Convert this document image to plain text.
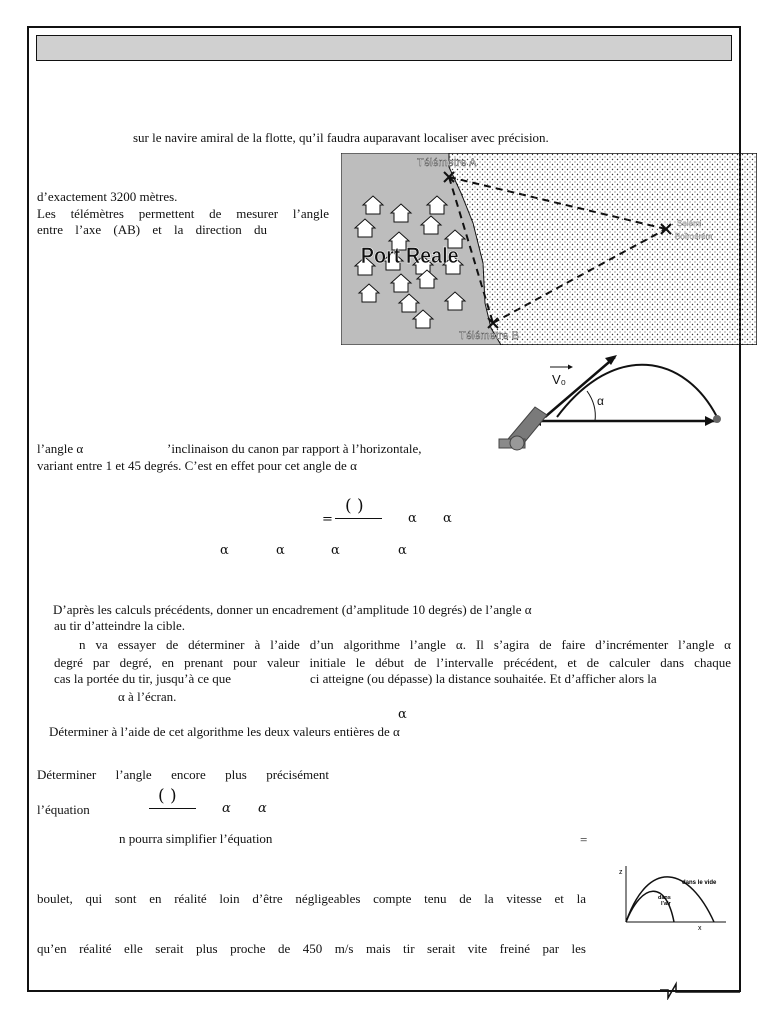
sur le navire amiral de la flotte, qu’il faudra auparavant localiser avec précision.
d’exactement 3200 mètres.
Les télémètres permettent de mesurer l’angle
entre l’axe (AB) et la direction du
Port Reale
Télémetre A
Télémetre B
Selémi
Boïroérém
α
V₀
l’angle α	’inclinaison du canon par rapport à l’horizontale,
variant entre 1 et 45 degrés. C’est en effet pour cet angle de α
=
( )
α α
α	α	α	α
D’après les calculs précédents, donner un encadrement (d’amplitude 10 degrés) de l’angle α
au tir d’atteindre la cible.
n va essayer de déterminer à l’aide d’un algorithme l’angle α. Il s’agira de faire d’incrémenter l’angle α
degré par degré, en prenant pour valeur initiale le début de l’intervalle précédent, et de calculer dans chaque
cas la portée du tir, jusqu’à ce que	ci atteigne (ou dépasse) la distance souhaitée. Et d’afficher alors la
α à l’écran.
α
Déterminer à l’aide de cet algorithme les deux valeurs entières de α
Déterminer l’angle encore plus précisément
l’équation
( )
α α
n pourra simplifier l’équation	=
boulet, qui sont en réalité loin d’être négligeables compte tenu de la vitesse et la
qu’en réalité elle serait plus proche de 450 m/s mais tir serait vite freiné par les
z
x
dans le vide
dans
l’air
